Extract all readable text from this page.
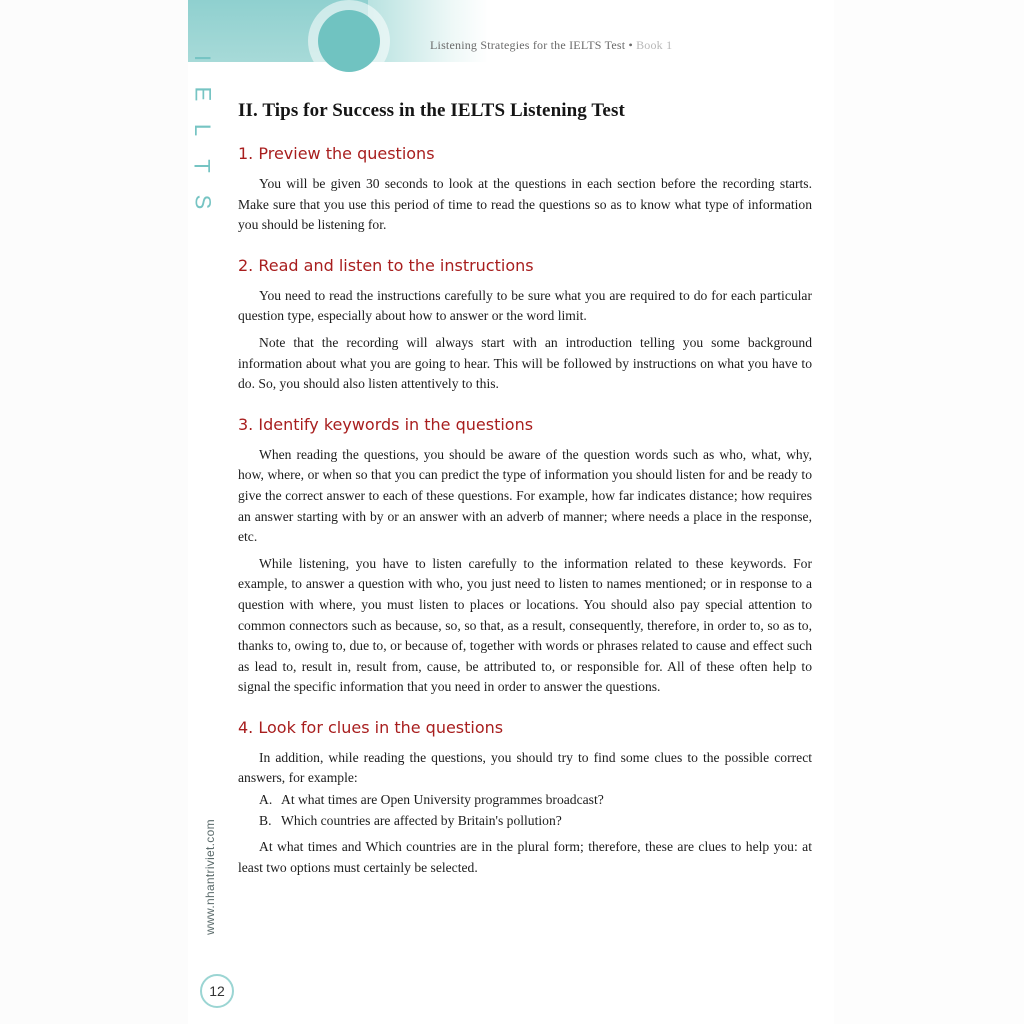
Listening Strategies for the IELTS Test • Book 1
I
E
L
T
S
www.nhantriviet.com
12
II. Tips for Success in the IELTS Listening Test
1. Preview the questions

You will be given 30 seconds to look at the questions in each section before the recording starts. Make sure that you use this period of time to read the questions so as to know what type of information you should be listening for.

2. Read and listen to the instructions

You need to read the instructions carefully to be sure what you are required to do for each particular question type, especially about how to answer or the word limit.

Note that the recording will always start with an introduction telling you some background information about what you are going to hear. This will be followed by instructions on what you have to do. So, you should also listen attentively to this.

3. Identify keywords in the questions

When reading the questions, you should be aware of the question words such as who, what, why, how, where, or when so that you can predict the type of information you should listen for and be ready to give the correct answer to each of these questions. For example, how far indicates distance; how requires an answer starting with by or an answer with an adverb of manner; where needs a place in the response, etc.

While listening, you have to listen carefully to the information related to these keywords. For example, to answer a question with who, you just need to listen to names mentioned; or in response to a question with where, you must listen to places or locations. You should also pay special attention to common connectors such as because, so, so that, as a result, consequently, therefore, in order to, so as to, thanks to, owing to, due to, or because of, together with words or phrases related to cause and effect such as lead to, result in, result from, cause, be attributed to, or responsible for. All of these often help to signal the specific information that you need in order to answer the questions.

4. Look for clues in the questions

In addition, while reading the questions, you should try to find some clues to the possible correct answers, for example:

A. At what times are Open University programmes broadcast?
B. Which countries are affected by Britain's pollution?

At what times and Which countries are in the plural form; therefore, these are clues to help you: at least two options must certainly be selected.
